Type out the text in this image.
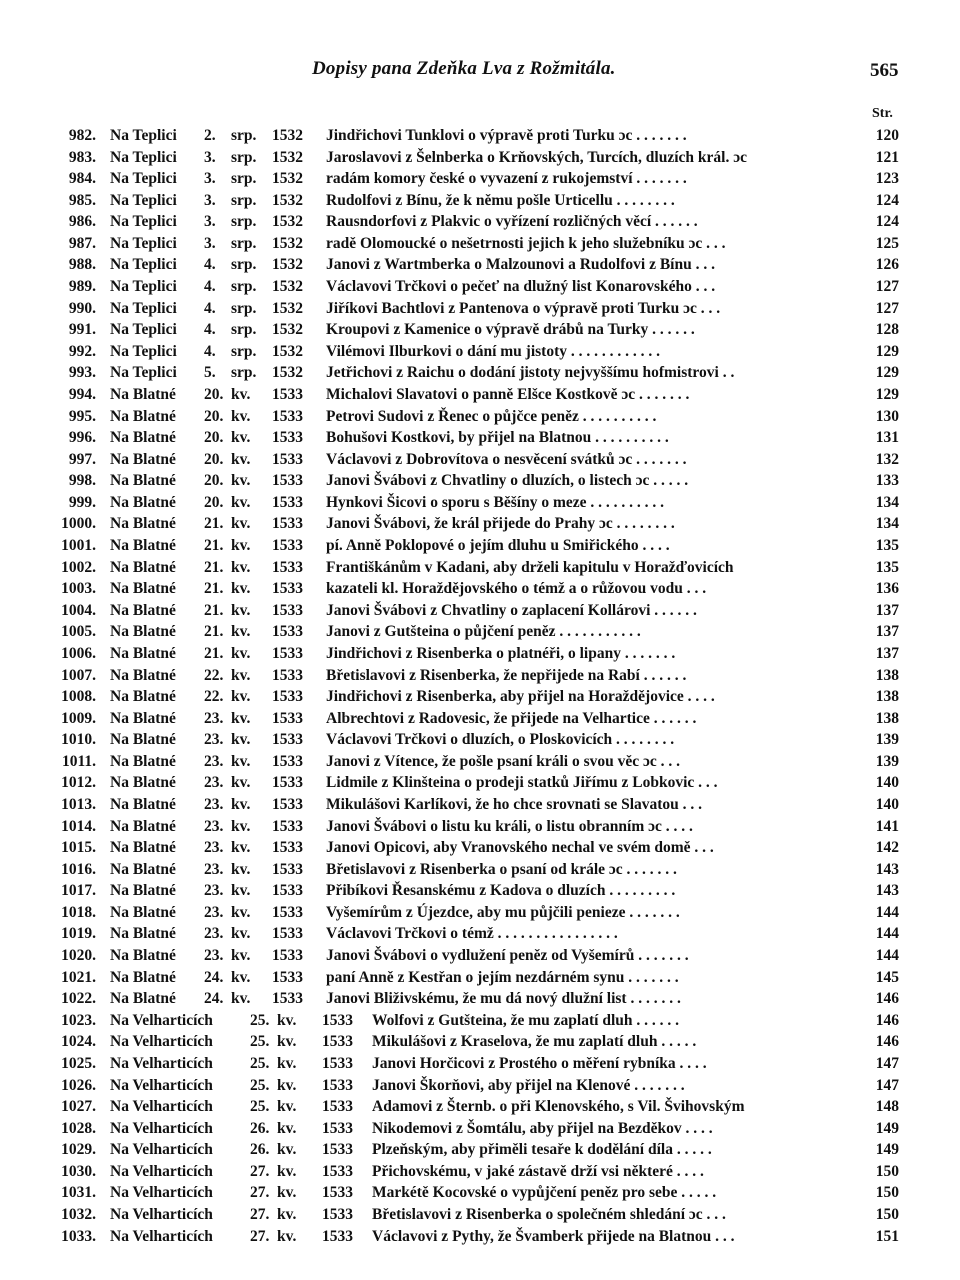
Dopisy pana Zdeňka Lva z Rožmitála.	565
Str.
982. Na Teplici 2. srp. 1532 Jindřichovi Tunklovi o výpravě proti Turku ɔc . . . . . . .	120
983. Na Teplici 3. srp. 1532 Jaroslavovi z Šelnberka o Krňovských, Turcích, dluzích král. ɔc	121
984. Na Teplici 3. srp. 1532 radám komory české o vyvazení z rukojemství . . . . . . .	123
985. Na Teplici 3. srp. 1532 Rudolfovi z Bínu, že k němu pošle Urticellu . . . . . . . .	124
986. Na Teplici 3. srp. 1532 Rausndorfovi z Plakvic o vyřízení rozličných věcí . . . . . .	124
987. Na Teplici 3. srp. 1532 radě Olomoucké o nešetrnosti jejich k jeho služebníku ɔc . . .	125
988. Na Teplici 4. srp. 1532 Janovi z Wartmberka o Malzounovi a Rudolfovi z Bínu . . .	126
989. Na Teplici 4. srp. 1532 Václavovi Trčkovi o pečeť na dlužný list Konarovského . . .	127
990. Na Teplici 4. srp. 1532 Jiříkovi Bachtlovi z Pantenova o výpravě proti Turku ɔc . . .	127
991. Na Teplici 4. srp. 1532 Kroupovi z Kamenice o výpravě drábů na Turky . . . . . .	128
992. Na Teplici 4. srp. 1532 Vilémovi Ilburkovi o dání mu jistoty . . . . . . . . . . . .	129
993. Na Teplici 5. srp. 1532 Jetřichovi z Raichu o dodání jistoty nejvyššímu hofmistrovi . .	129
994. Na Blatné 20. kv. 1533 Michalovi Slavatovi o panně Elšce Kostkově ɔc . . . . . . .	129
995. Na Blatné 20. kv. 1533 Petrovi Sudovi z Řenec o půjčce peněz . . . . . . . . . .	130
996. Na Blatné 20. kv. 1533 Bohušovi Kostkovi, by přijel na Blatnou . . . . . . . . . .	131
997. Na Blatné 20. kv. 1533 Václavovi z Dobrovítova o nesvěcení svátků ɔc . . . . . . .	132
998. Na Blatné 20. kv. 1533 Janovi Švábovi z Chvatliny o dluzích, o listech ɔc . . . . .	133
999. Na Blatné 20. kv. 1533 Hynkovi Šicovi o sporu s Běšíny o meze . . . . . . . . . .	134
1000. Na Blatné 21. kv. 1533 Janovi Švábovi, že král přijede do Prahy ɔc . . . . . . . .	134
1001. Na Blatné 21. kv. 1533 pí. Anně Poklopové o jejím dluhu u Smiřického . . . .	135
1002. Na Blatné 21. kv. 1533 Františkánům v Kadani, aby drželi kapitulu v Horažďovicích	135
1003. Na Blatné 21. kv. 1533 kazateli kl. Horaždějovského o témž a o růžovou vodu . . .	136
1004. Na Blatné 21. kv. 1533 Janovi Švábovi z Chvatliny o zaplacení Kollárovi . . . . . .	137
1005. Na Blatné 21. kv. 1533 Janovi z Gutšteina o půjčení peněz . . . . . . . . . . .	137
1006. Na Blatné 21. kv. 1533 Jindřichovi z Risenberka o platnéři, o lipany . . . . . . .	137
1007. Na Blatné 22. kv. 1533 Břetislavovi z Risenberka, že nepřijede na Rabí . . . . . .	138
1008. Na Blatné 22. kv. 1533 Jindřichovi z Risenberka, aby přijel na Horaždějovice . . . .	138
1009. Na Blatné 23. kv. 1533 Albrechtovi z Radovesic, že přijede na Velhartice . . . . . .	138
1010. Na Blatné 23. kv. 1533 Václavovi Trčkovi o dluzích, o Ploskovicích . . . . . . . .	139
1011. Na Blatné 23. kv. 1533 Janovi z Vítence, že pošle psaní králi o svou věc ɔc . . .	139
1012. Na Blatné 23. kv. 1533 Lidmile z Klinšteina o prodeji statků Jiřímu z Lobkovic . . .	140
1013. Na Blatné 23. kv. 1533 Mikulášovi Karlíkovi, že ho chce srovnati se Slavatou . . .	140
1014. Na Blatné 23. kv. 1533 Janovi Švábovi o listu ku králi, o listu obranním ɔc . . . .	141
1015. Na Blatné 23. kv. 1533 Janovi Opicovi, aby Vranovského nechal ve svém domě . . .	142
1016. Na Blatné 23. kv. 1533 Břetislavovi z Risenberka o psaní od krále ɔc . . . . . . .	143
1017. Na Blatné 23. kv. 1533 Přibíkovi Řesanskému z Kadova o dluzích . . . . . . . . .	143
1018. Na Blatné 23. kv. 1533 Vyšemírům z Újezdce, aby mu půjčili penieze . . . . . . .	144
1019. Na Blatné 23. kv. 1533 Václavovi Trčkovi o témž . . . . . . . . . . . . . . . .	144
1020. Na Blatné 23. kv. 1533 Janovi Švábovi o vydlužení peněz od Vyšemírů . . . . . . .	144
1021. Na Blatné 24. kv. 1533 paní Anně z Kestřan o jejím nezdárném synu . . . . . . .	145
1022. Na Blatné 24. kv. 1533 Janovi Bliživskému, že mu dá nový dlužní list . . . . . . .	146
1023. Na Velharticích 25. kv. 1533 Wolfovi z Gutšteina, že mu zaplatí dluh . . . . . .	146
1024. Na Velharticích 25. kv. 1533 Mikulášovi z Kraselova, že mu zaplatí dluh . . . . .	146
1025. Na Velharticích 25. kv. 1533 Janovi Horčicovi z Prostého o měření rybníka . . . .	147
1026. Na Velharticích 25. kv. 1533 Janovi Škorňovi, aby přijel na Klenové . . . . . . .	147
1027. Na Velharticích 25. kv. 1533 Adamovi z Šternb. o při Klenovského, s Vil. Švihovským	148
1028. Na Velharticích 26. kv. 1533 Nikodemovi z Šomtálu, aby přijel na Bezděkov . . . .	149
1029. Na Velharticích 26. kv. 1533 Plzeňským, aby přiměli tesaře k dodělání díla . . . . .	149
1030. Na Velharticích 27. kv. 1533 Přichovskému, v jaké zástavě drží vsi některé . . . .	150
1031. Na Velharticích 27. kv. 1533 Markétě Kocovské o vypůjčení peněz pro sebe . . . . .	150
1032. Na Velharticích 27. kv. 1533 Břetislavovi z Risenberka o společném shledání ɔc . . .	150
1033. Na Velharticích 27. kv. 1533 Václavovi z Pythy, že Švamberk přijede na Blatnou . . .	151
